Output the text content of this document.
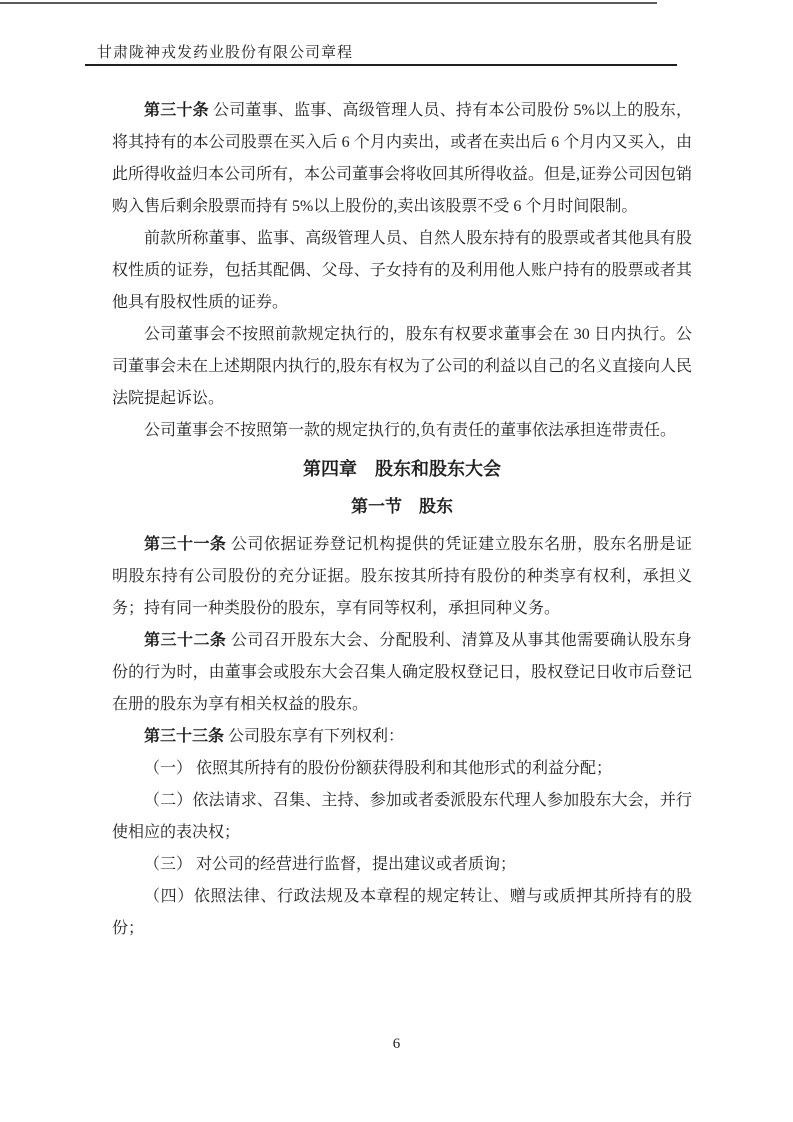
甘肃陇神戎发药业股份有限公司章程

第三十条 公司董事、监事、高级管理人员、持有本公司股份 5%以上的股东，将其持有的本公司股票在买入后 6 个月内卖出，或者在卖出后 6 个月内又买入，由此所得收益归本公司所有，本公司董事会将收回其所得收益。但是,证券公司因包销购入售后剩余股票而持有 5%以上股份的,卖出该股票不受 6 个月时间限制。

前款所称董事、监事、高级管理人员、自然人股东持有的股票或者其他具有股权性质的证券，包括其配偶、父母、子女持有的及利用他人账户持有的股票或者其他具有股权性质的证券。

公司董事会不按照前款规定执行的，股东有权要求董事会在 30 日内执行。公司董事会未在上述期限内执行的,股东有权为了公司的利益以自己的名义直接向人民法院提起诉讼。

公司董事会不按照第一款的规定执行的,负有责任的董事依法承担连带责任。

第四章　股东和股东大会
第一节　股东

第三十一条 公司依据证券登记机构提供的凭证建立股东名册，股东名册是证明股东持有公司股份的充分证据。股东按其所持有股份的种类享有权利，承担义务；持有同一种类股份的股东，享有同等权利，承担同种义务。

第三十二条 公司召开股东大会、分配股利、清算及从事其他需要确认股东身份的行为时，由董事会或股东大会召集人确定股权登记日，股权登记日收市后登记在册的股东为享有相关权益的股东。

第三十三条 公司股东享有下列权利：

（一） 依照其所持有的股份份额获得股利和其他形式的利益分配；

（二）依法请求、召集、主持、参加或者委派股东代理人参加股东大会，并行使相应的表决权；

（三） 对公司的经营进行监督，提出建议或者质询；

（四）依照法律、行政法规及本章程的规定转让、赠与或质押其所持有的股份；

6
